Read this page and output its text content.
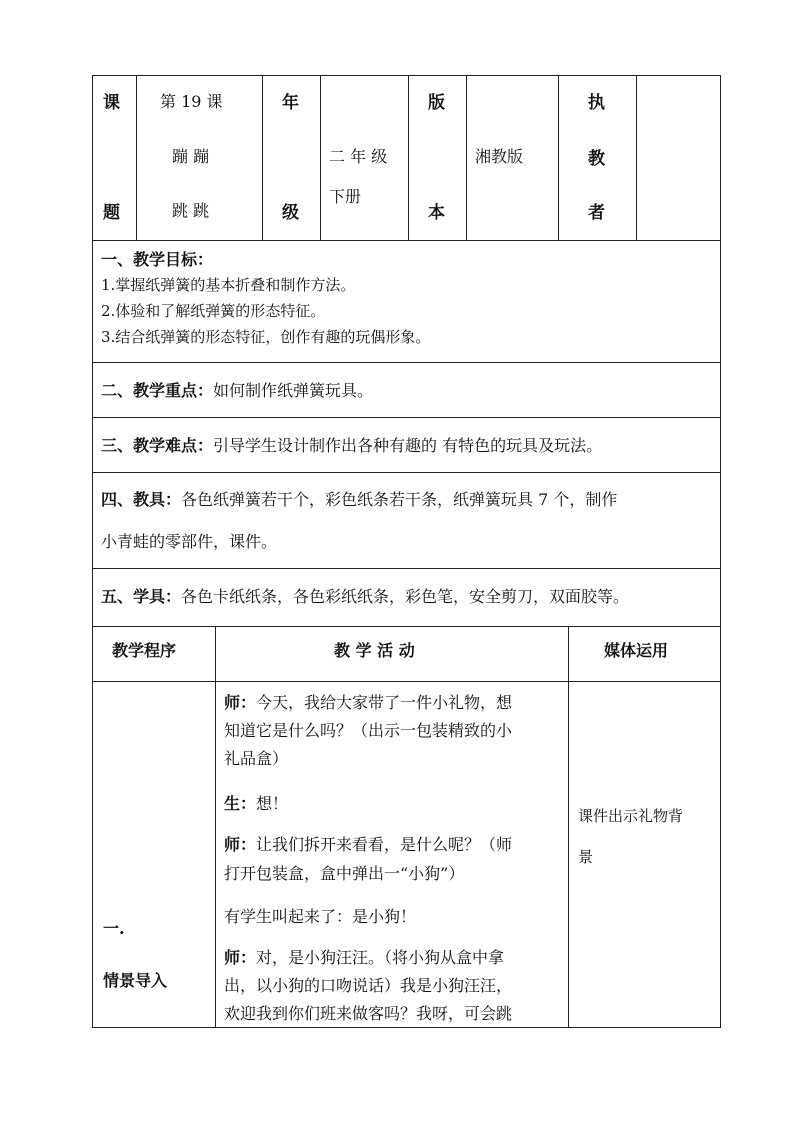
课
题
第 19 课
蹦 蹦
跳 跳
年
级
二 年 级
下册
版
本
湘教版
执
教
者
一、教学目标：
1.掌握纸弹簧的基本折叠和制作方法。
2.体验和了解纸弹簧的形态特征。
3.结合纸弹簧的形态特征，创作有趣的玩偶形象。
二、教学重点：如何制作纸弹簧玩具。
三、教学难点：引导学生设计制作出各种有趣的 有特色的玩具及玩法。
四、教具：各色纸弹簧若干个，彩色纸条若干条，纸弹簧玩具 7 个，制作
小青蛙的零部件，课件。
五、学具：各色卡纸纸条，各色彩纸纸条，彩色笔，安全剪刀，双面胶等。
教学程序	教 学 活 动	媒体运用
一.
情景导入
课件出示礼物背
景
师：今天，我给大家带了一件小礼物，想
知道它是什么吗？（出示一包装精致的小
礼品盒）
生：想！
师：让我们拆开来看看，是什么呢？（师
打开包装盒，盒中弹出一“小狗”）
有学生叫起来了：是小狗！
师：对，是小狗汪汪。（将小狗从盒中拿
出，以小狗的口吻说话）我是小狗汪汪，
欢迎我到你们班来做客吗？我呀，可会跳
